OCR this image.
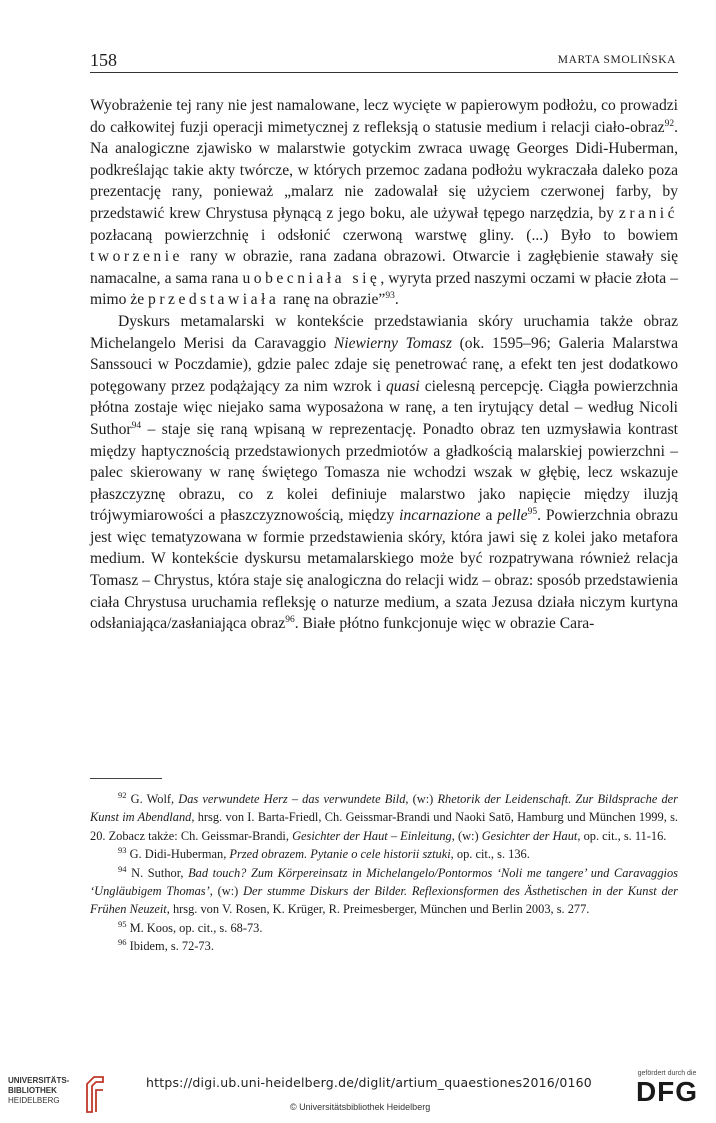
158	MARTA SMOLIŃSKA

Wyobrażenie tej rany nie jest namalowane, lecz wycięte w papierowym podłożu, co prowadzi do całkowitej fuzji operacji mimetycznej z refleksją o statusie medium i relacji ciało-obraz$^{92}$. Na analogiczne zjawisko w malarstwie gotyckim zwraca uwagę Georges Didi-Huberman, podkreślając takie akty twórcze, w których przemoc zadana podłożu wykraczała daleko poza prezentację rany, ponieważ „malarz nie zadowalał się użyciem czerwonej farby, by przedstawić krew Chrystusa płynącą z jego boku, ale używał tępego narzędzia, by zranić pozłacaną powierzchnię i odsłonić czerwoną warstwę gliny. (...) Było to bowiem tworzenie rany w obrazie, rana zadana obrazowi. Otwarcie i zagłębienie stawały się namacalne, a sama rana uobecniała się, wyryta przed naszymi oczami w płacie złota – mimo że przedstawiała ranę na obrazie”$^{93}$.

Dyskurs metamalarski w kontekście przedstawiania skóry uruchamia także obraz Michelangelo Merisi da Caravaggio Niewierny Tomasz (ok. 1595–96; Galeria Malarstwa Sanssouci w Poczdamie), gdzie palec zdaje się penetrować ranę, a efekt ten jest dodatkowo potęgowany przez podążający za nim wzrok i quasi cielesną percepcję. Ciągła powierzchnia płótna zostaje więc niejako sama wyposażona w ranę, a ten irytujący detal – według Nicoli Suthor$^{94}$ – staje się raną wpisaną w reprezentację. Ponadto obraz ten uzmysławia kontrast między haptycznością przedstawionych przedmiotów a gładkością malarskiej powierzchni – palec skierowany w ranę świętego Tomasza nie wchodzi wszak w głębię, lecz wskazuje płaszczyznę obrazu, co z kolei definiuje malarstwo jako napięcie między iluzją trójwymiarowości a płaszczyznowością, między incarnazione a pelle$^{95}$. Powierzchnia obrazu jest więc tematyzowana w formie przedstawienia skóry, która jawi się z kolei jako metafora medium. W kontekście dyskursu metamalarskiego może być rozpatrywana również relacja Tomasz – Chrystus, która staje się analogiczna do relacji widz – obraz: sposób przedstawienia ciała Chrystusa uruchamia refleksję o naturze medium, a szata Jezusa działa niczym kurtyna odsłaniająca/zasłaniająca obraz$^{96}$. Białe płótno funkcjonuje więc w obrazie Cara-

$^{92}$ G. Wolf, Das verwundete Herz – das verwundete Bild, (w:) Rhetorik der Leidenschaft. Zur Bildsprache der Kunst im Abendland, hrsg. von I. Barta-Friedl, Ch. Geissmar-Brandi und Naoki Satō, Hamburg und München 1999, s. 20. Zobacz także: Ch. Geissmar-Brandi, Gesichter der Haut – Einleitung, (w:) Gesichter der Haut, op. cit., s. 11-16.

$^{93}$ G. Didi-Huberman, Przed obrazem. Pytanie o cele historii sztuki, op. cit., s. 136.

$^{94}$ N. Suthor, Bad touch? Zum Körpereinsatz in Michelangelo/Pontormos ‘Noli me tangere’ und Caravaggios ‘Ungläubigem Thomas’, (w:) Der stumme Diskurs der Bilder. Reflexionsformen des Ästhetischen in der Kunst der Frühen Neuzeit, hrsg. von V. Rosen, K. Krüger, R. Preimesberger, München und Berlin 2003, s. 277.

$^{95}$ M. Koos, op. cit., s. 68-73.

$^{96}$ Ibidem, s. 72-73.

UNIVERSITÄTS-
BIBLIOTHEK
HEIDELBERG
https://digi.ub.uni-heidelberg.de/diglit/artium_quaestiones2016/0160
© Universitätsbibliothek Heidelberg
gefördert durch die
DFG
